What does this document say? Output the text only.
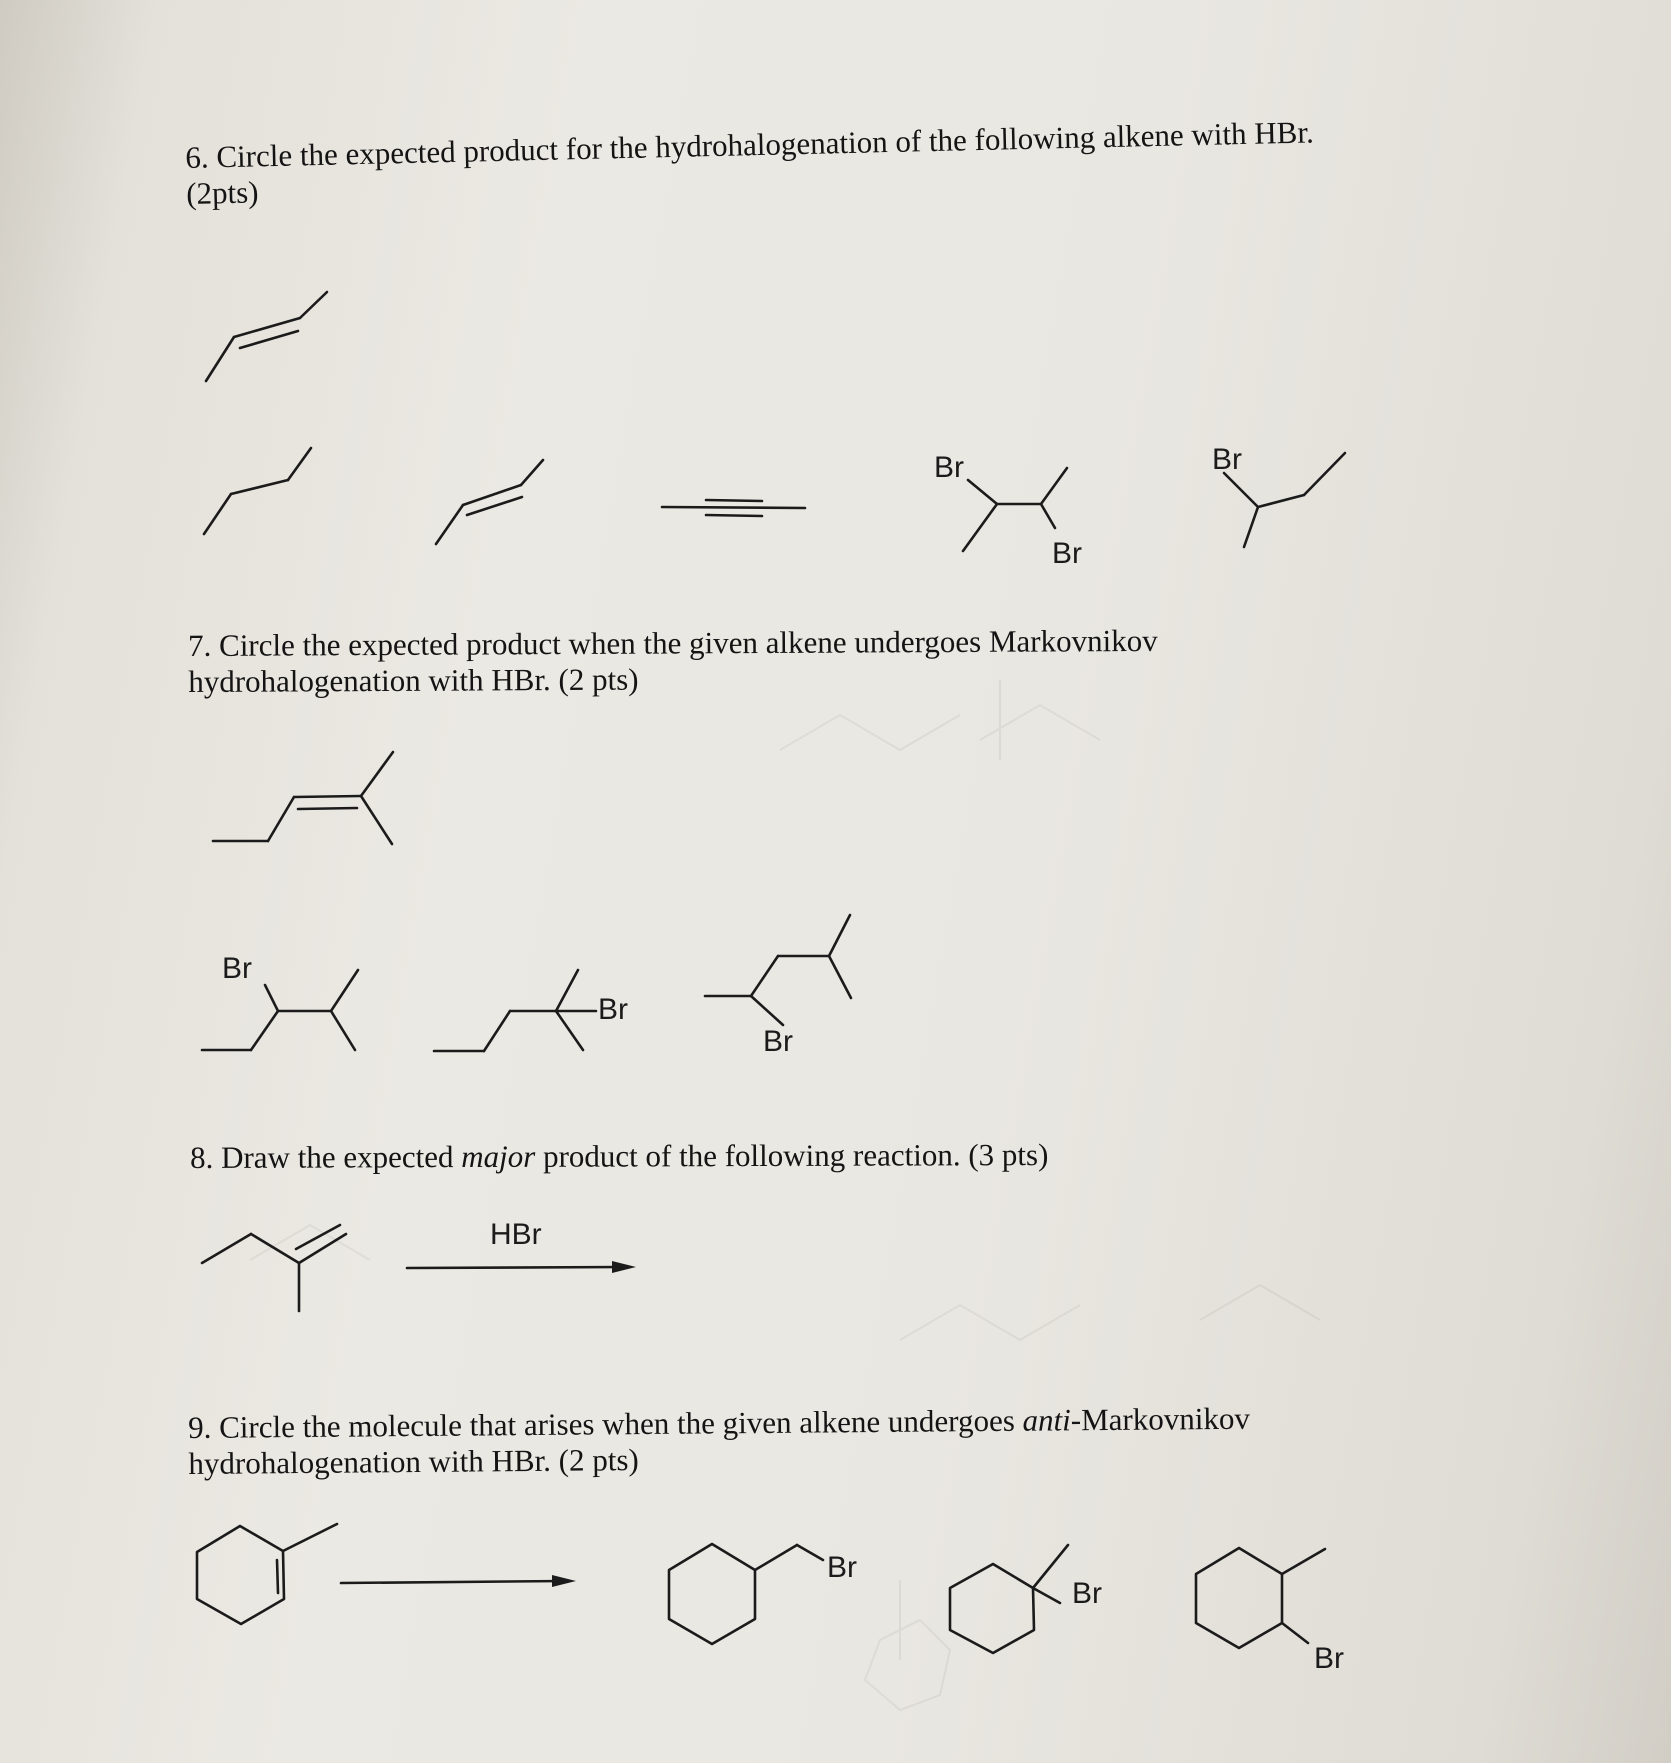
6. Circle the expected product for the hydrohalogenation of the following alkene with HBr.
(2pts)
7. Circle the expected product when the given alkene undergoes Markovnikov
hydrohalogenation with HBr. (2 pts)
8. Draw the expected major product of the following reaction. (3 pts)
9. Circle the molecule that arises when the given alkene undergoes anti-Markovnikov
hydrohalogenation with HBr. (2 pts)
Br
Br
Br
Br
Br
Br
HBr
Br
Br
Br
